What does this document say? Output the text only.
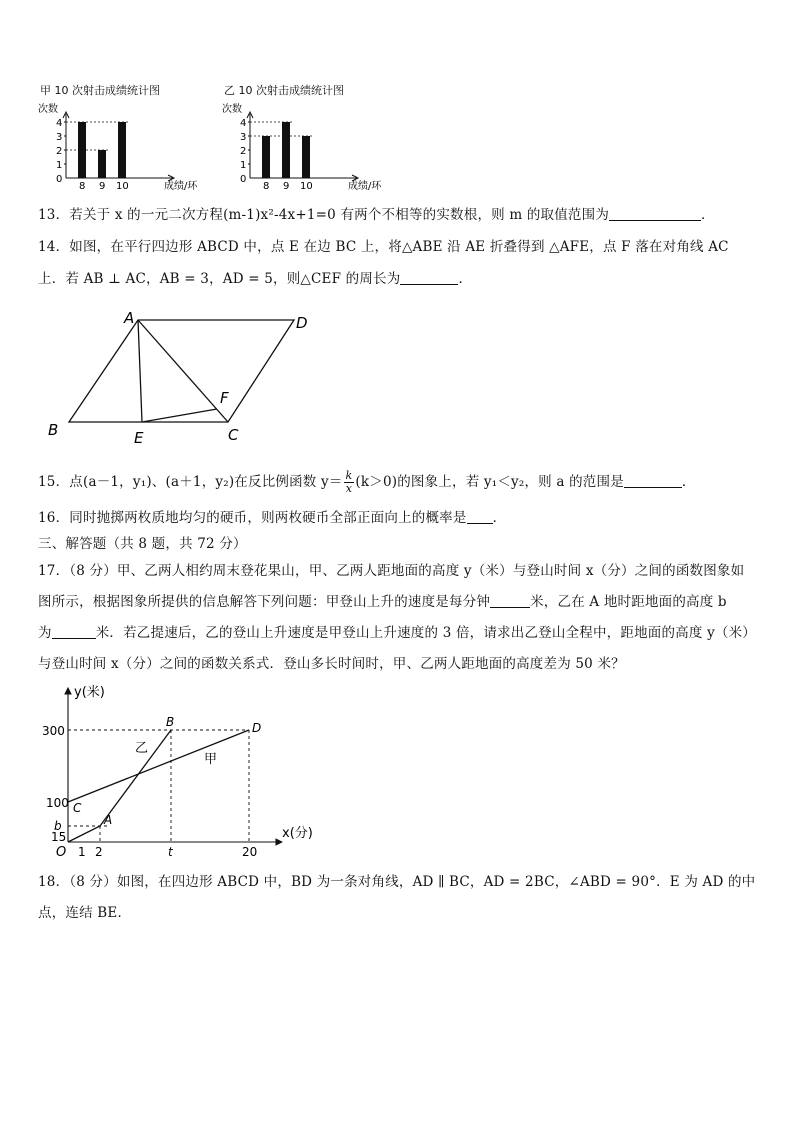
甲 10 次射击成绩统计图
次数
0
1
2
3
4
8 9 10	成绩/环
乙 10 次射击成绩统计图
次数
0
1
2
3
4
8 9 10	成绩/环
13．若关于 x 的一元二次方程(m-1)x²-4x+1=0 有两个不相等的实数根，则 m 的取值范围为	．
14．如图，在平行四边形 ABCD 中，点 E 在边 BC 上，将△ABE 沿 AE 折叠得到 △AFE，点 F 落在对角线 AC
上．若 AB ⊥ AC，AB = 3，AD = 5，则△CEF 的周长为	．
A	D
B	E	C
F
15．点(a－1，y₁)、(a＋1，y₂)在反比例函数 $y= \frac{k}{x} (k>0)$的图象上，若 y₁＜y₂，则 a 的范围是	．
16．同时抛掷两枚质地均匀的硬币，则两枚硬币全部正面向上的概率是 ．
三、解答题（共 8 题，共 72 分）
17．（8 分）甲、乙两人相约周末登花果山，甲、乙两人距地面的高度 y（米）与登山时间 x（分）之间的函数图象如
图所示，根据图象所提供的信息解答下列问题：甲登山上升的速度是每分钟	米，乙在 A 地时距地面的高度 b
为	米．若乙提速后，乙的登山上升速度是甲登山上升速度的 3 倍，请求出乙登山全程中，距地面的高度 y（米）
与登山时间 x（分）之间的函数关系式．登山多长时间时，甲、乙两人距地面的高度差为 50 米？
y(米)
x(分)
300
100
b
15
O 1 2	t	20
B	D
C
A
乙
甲
18．（8 分）如图，在四边形 ABCD 中，BD 为一条对角线，AD ∥ BC，AD = 2BC，∠ABD = 90°．E 为 AD 的中
点，连结 BE．
